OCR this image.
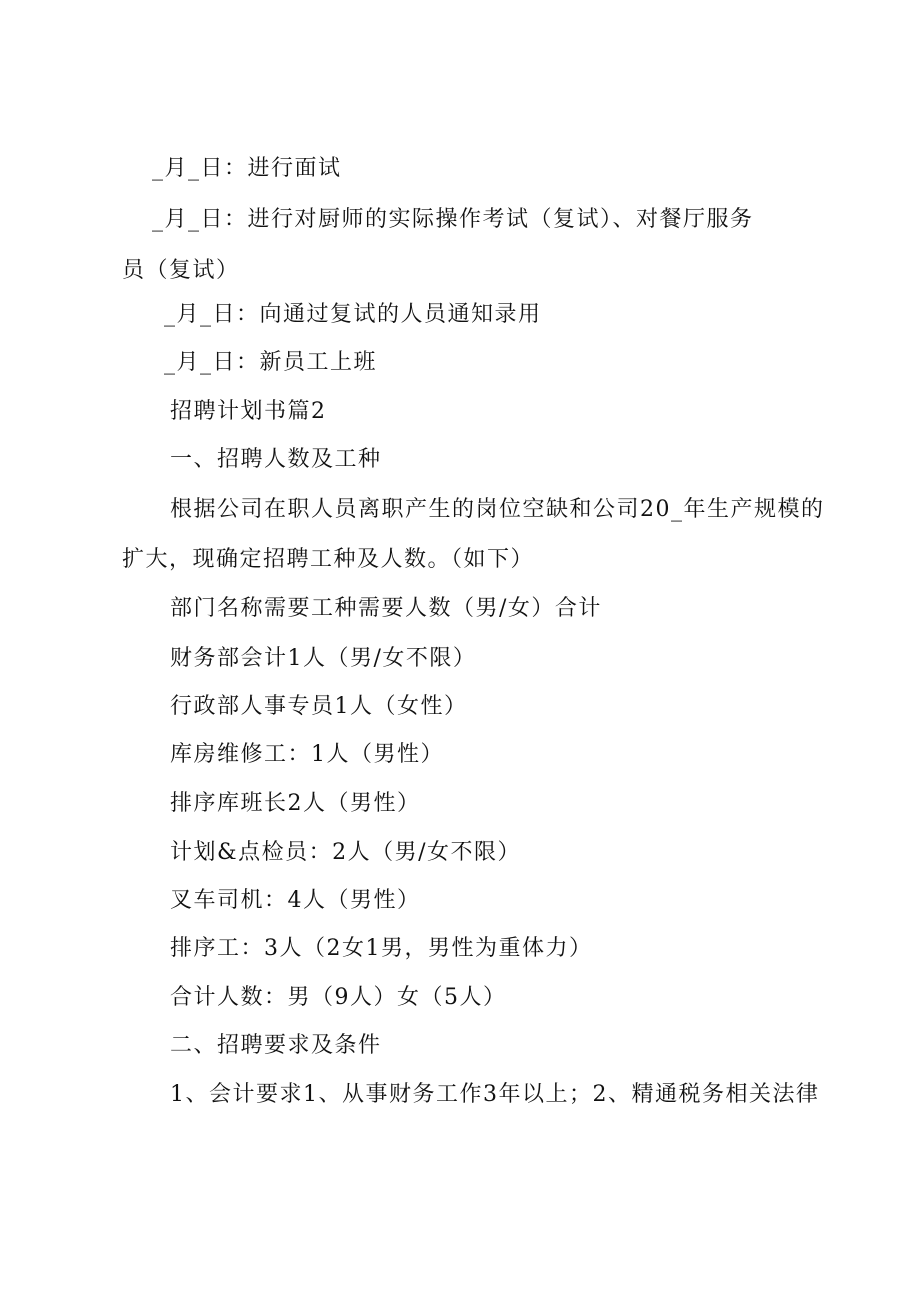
_月_日：进行面试
_月_日：进行对厨师的实际操作考试（复试）、对餐厅服务
员（复试）
_月_日：向通过复试的人员通知录用
_月_日：新员工上班
招聘计划书篇2
一、招聘人数及工种
根据公司在职人员离职产生的岗位空缺和公司20_年生产规模的
扩大，现确定招聘工种及人数。（如下）
部门名称需要工种需要人数（男/女）合计
财务部会计1人（男/女不限）
行政部人事专员1人（女性）
库房维修工：1人（男性）
排序库班长2人（男性）
计划&点检员：2人（男/女不限）
叉车司机：4人（男性）
排序工：3人（2女1男，男性为重体力）
合计人数：男（9人）女（5人）
二、招聘要求及条件
1、会计要求1、从事财务工作3年以上；2、精通税务相关法律
